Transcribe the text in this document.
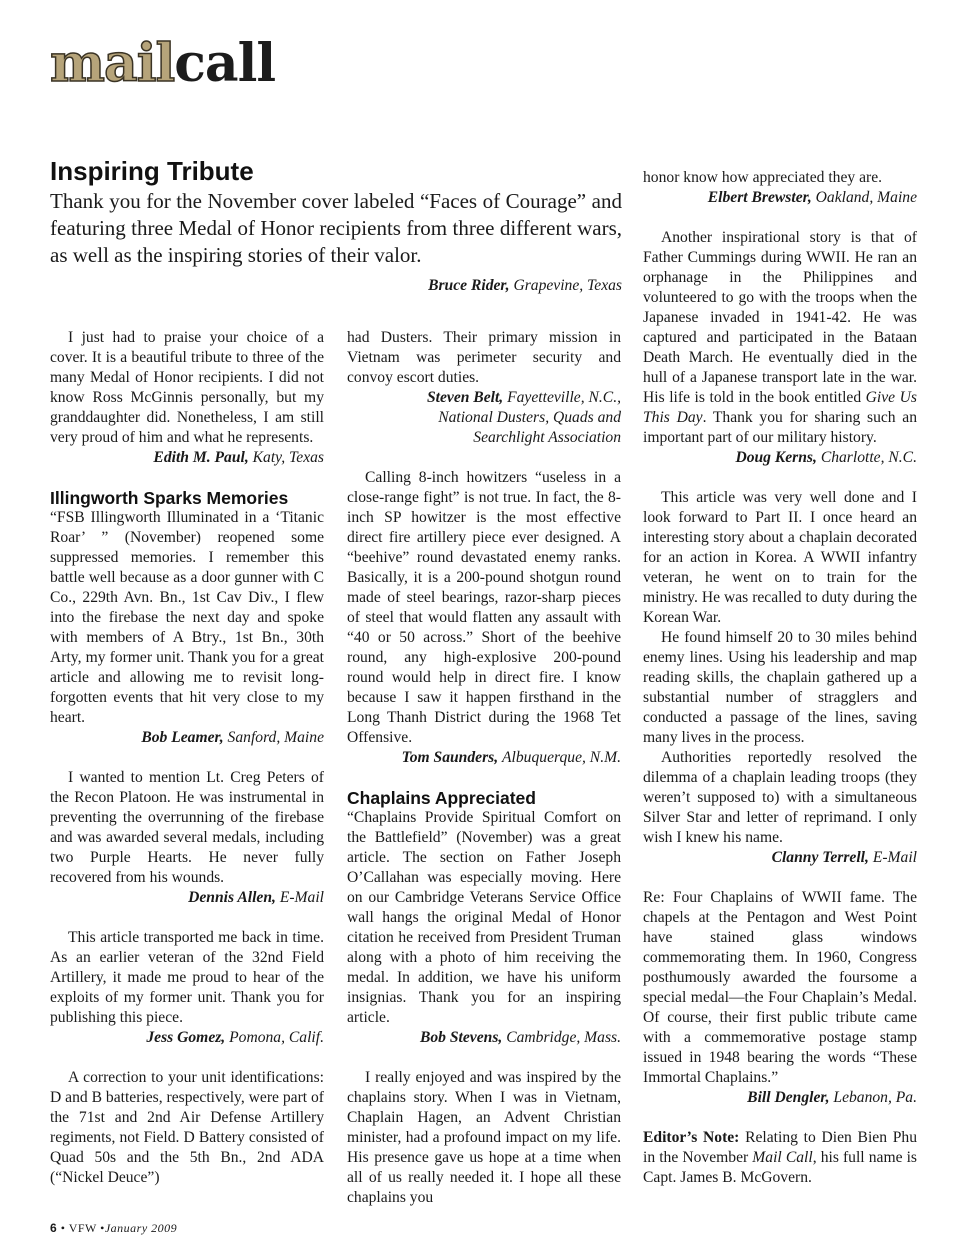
mailcall
Inspiring Tribute

Thank you for the November cover labeled “Faces of Courage” and featuring three Medal of Honor recipients from three different wars, as well as the inspiring stories of their valor.

Bruce Rider, Grapevine, Texas

I just had to praise your choice of a cover. It is a beautiful tribute to three of the many Medal of Honor recipients. I did not know Ross McGinnis personally, but my granddaughter did. Nonetheless, I am still very proud of him and what he represents.

Edith M. Paul, Katy, Texas

Illingworth Sparks Memories

“FSB Illingworth Illuminated in a ‘Titanic Roar’ ” (November) reopened some suppressed memories. I remember this battle well because as a door gunner with C Co., 229th Avn. Bn., 1st Cav Div., I flew into the firebase the next day and spoke with members of A Btry., 1st Bn., 30th Arty, my former unit. Thank you for a great article and allowing me to revisit long-forgotten events that hit very close to my heart.

Bob Leamer, Sanford, Maine

I wanted to mention Lt. Creg Peters of the Recon Platoon. He was instrumental in preventing the overrunning of the firebase and was awarded several medals, including two Purple Hearts. He never fully recovered from his wounds.

Dennis Allen, E-Mail

This article transported me back in time. As an earlier veteran of the 32nd Field Artillery, it made me proud to hear of the exploits of my former unit. Thank you for publishing this piece.

Jess Gomez, Pomona, Calif.

A correction to your unit identifications: D and B batteries, respectively, were part of the 71st and 2nd Air Defense Artillery regiments, not Field. D Battery consisted of Quad 50s and the 5th Bn., 2nd ADA (“Nickel Deuce”)

had Dusters. Their primary mission in Vietnam was perimeter security and convoy escort duties.

Steven Belt, Fayetteville, N.C.,
National Dusters, Quads and
Searchlight Association

Calling 8-inch howitzers “useless in a close-range fight” is not true. In fact, the 8-inch SP howitzer is the most effective direct fire artillery piece ever designed. A “beehive” round devastated enemy ranks. Basically, it is a 200-pound shotgun round made of steel bearings, razor-sharp pieces of steel that would flatten any assault with “40 or 50 across.” Short of the beehive round, any high-explosive 200-pound round would help in direct fire. I know because I saw it happen firsthand in the Long Thanh District during the 1968 Tet Offensive.

Tom Saunders, Albuquerque, N.M.

Chaplains Appreciated

“Chaplains Provide Spiritual Comfort on the Battlefield” (November) was a great article. The section on Father Joseph O’Callahan was especially moving. Here on our Cambridge Veterans Service Office wall hangs the original Medal of Honor citation he received from President Truman along with a photo of him receiving the medal. In addition, we have his uniform insignias. Thank you for an inspiring article.

Bob Stevens, Cambridge, Mass.

I really enjoyed and was inspired by the chaplains story. When I was in Vietnam, Chaplain Hagen, an Advent Christian minister, had a profound impact on my life. His presence gave us hope at a time when all of us really needed it. I hope all these chaplains you

honor know how appreciated they are.

Elbert Brewster, Oakland, Maine

Another inspirational story is that of Father Cummings during WWII. He ran an orphanage in the Philippines and volunteered to go with the troops when the Japanese invaded in 1941-42. He was captured and participated in the Bataan Death March. He eventually died in the hull of a Japanese transport late in the war. His life is told in the book entitled Give Us This Day. Thank you for sharing such an important part of our military history.

Doug Kerns, Charlotte, N.C.

This article was very well done and I look forward to Part II. I once heard an interesting story about a chaplain decorated for an action in Korea. A WWII infantry veteran, he went on to train for the ministry. He was recalled to duty during the Korean War.

He found himself 20 to 30 miles behind enemy lines. Using his leadership and map reading skills, the chaplain gathered up a substantial number of stragglers and conducted a passage of the lines, saving many lives in the process.

Authorities reportedly resolved the dilemma of a chaplain leading troops (they weren’t supposed to) with a simultaneous Silver Star and letter of reprimand. I only wish I knew his name.

Clanny Terrell, E-Mail

Re: Four Chaplains of WWII fame. The chapels at the Pentagon and West Point have stained glass windows commemorating them. In 1960, Congress posthumously awarded the foursome a special medal—the Four Chaplain’s Medal. Of course, their first public tribute came with a commemorative postage stamp issued in 1948 bearing the words “These Immortal Chaplains.”

Bill Dengler, Lebanon, Pa.

Editor’s Note: Relating to Dien Bien Phu in the November Mail Call, his full name is Capt. James B. McGovern.

6 • VFW •January 2009
